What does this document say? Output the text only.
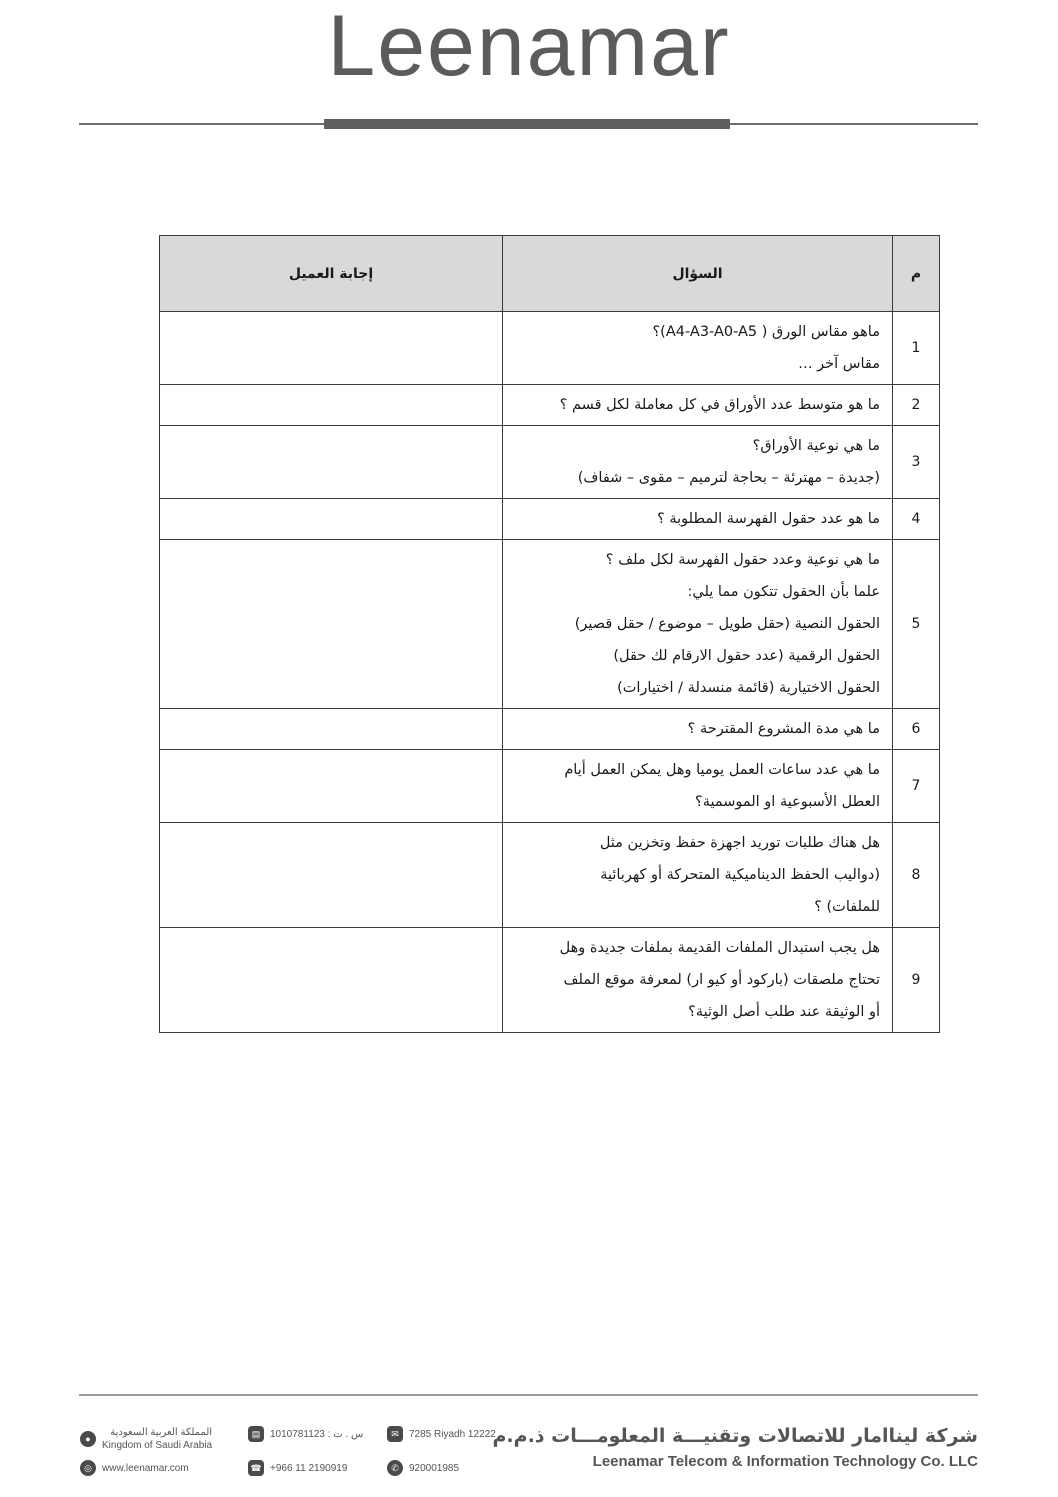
Leenamar
م	السؤال	إجابة العميل
1	ماهو مقاس الورق ( A4-A3-A0-A5)؟
مقاس آخر …	

2	ما هو متوسط عدد الأوراق في كل معاملة لكل قسم ؟	

3	ما هي نوعية الأوراق؟
(جديدة – مهترئة – بحاجة لترميم – مقوى – شفاف)	

4	ما هو عدد حقول الفهرسة المطلوبة ؟	

5	ما هي نوعية وعدد حقول الفهرسة لكل ملف ؟
علما بأن الحقول تتكون مما يلي:
الحقول النصية (حقل طويل – موضوع / حقل قصير)
الحقول الرقمية (عدد حقول الارقام لك حقل)
الحقول الاختيارية (قائمة منسدلة / اختيارات)	

6	ما هي مدة المشروع المقترحة ؟	

7	ما هي عدد ساعات العمل يوميا وهل يمكن العمل أيام
العطل الأسبوعية او الموسمية؟	

8	هل هناك طلبات توريد اجهزة حفظ وتخزين مثل
(دواليب الحفظ الديناميكية المتحركة أو كهربائية
للملفات) ؟	

9	هل يجب استبدال الملفات القديمة بملفات جديدة وهل
تحتاج ملصقات (باركود أو كيو ار) لمعرفة موقع الملف
أو الوثيقة عند طلب أصل الوثية؟	

شركة ليناامار للاتصالات وتقنيـــة المعلومـــات ذ.م.م
Leenamar Telecom & Information Technology Co. LLC
●
المملكة العربية السعودية
Kingdom of Saudi Arabia
◎	www.leenamar.com
▤ 1010781123 : س . ت
☎ +966 11 2190919
✉	7285 Riyadh 12222
✆	920001985
